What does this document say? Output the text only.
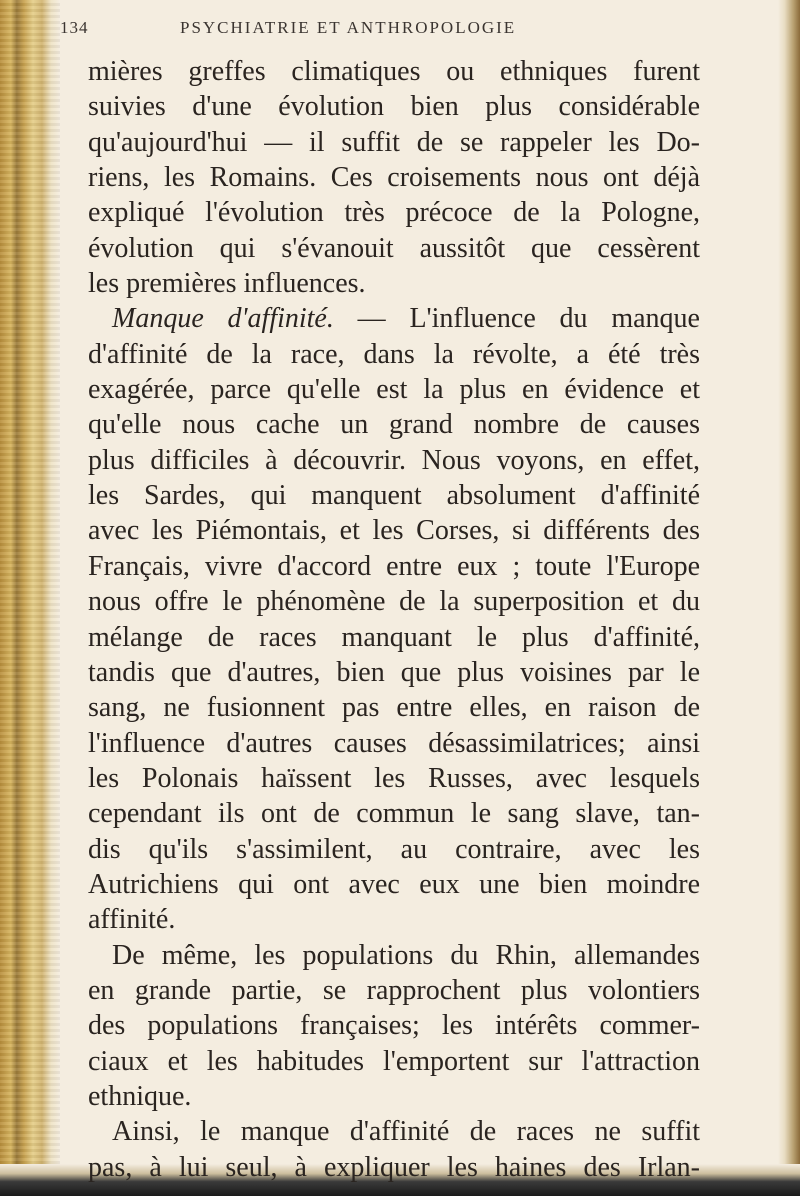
134	PSYCHIATRIE ET ANTHROPOLOGIE
mières greffes climatiques ou ethniques furent
suivies d'une évolution bien plus considérable
qu'aujourd'hui — il suffit de se rappeler les Do-
riens, les Romains. Ces croisements nous ont déjà
expliqué l'évolution très précoce de la Pologne,
évolution qui s'évanouit aussitôt que cessèrent
les premières influences.
Manque d'affinité. — L'influence du manque
d'affinité de la race, dans la révolte, a été très
exagérée, parce qu'elle est la plus en évidence et
qu'elle nous cache un grand nombre de causes
plus difficiles à découvrir. Nous voyons, en effet,
les Sardes, qui manquent absolument d'affinité
avec les Piémontais, et les Corses, si différents des
Français, vivre d'accord entre eux ; toute l'Europe
nous offre le phénomène de la superposition et du
mélange de races manquant le plus d'affinité,
tandis que d'autres, bien que plus voisines par le
sang, ne fusionnent pas entre elles, en raison de
l'influence d'autres causes désassimilatrices; ainsi
les Polonais haïssent les Russes, avec lesquels
cependant ils ont de commun le sang slave, tan-
dis qu'ils s'assimilent, au contraire, avec les
Autrichiens qui ont avec eux une bien moindre
affinité.
De même, les populations du Rhin, allemandes
en grande partie, se rapprochent plus volontiers
des populations françaises; les intérêts commer-
ciaux et les habitudes l'emportent sur l'attraction
ethnique.
Ainsi, le manque d'affinité de races ne suffit
pas, à lui seul, à expliquer les haines des Irlan-
